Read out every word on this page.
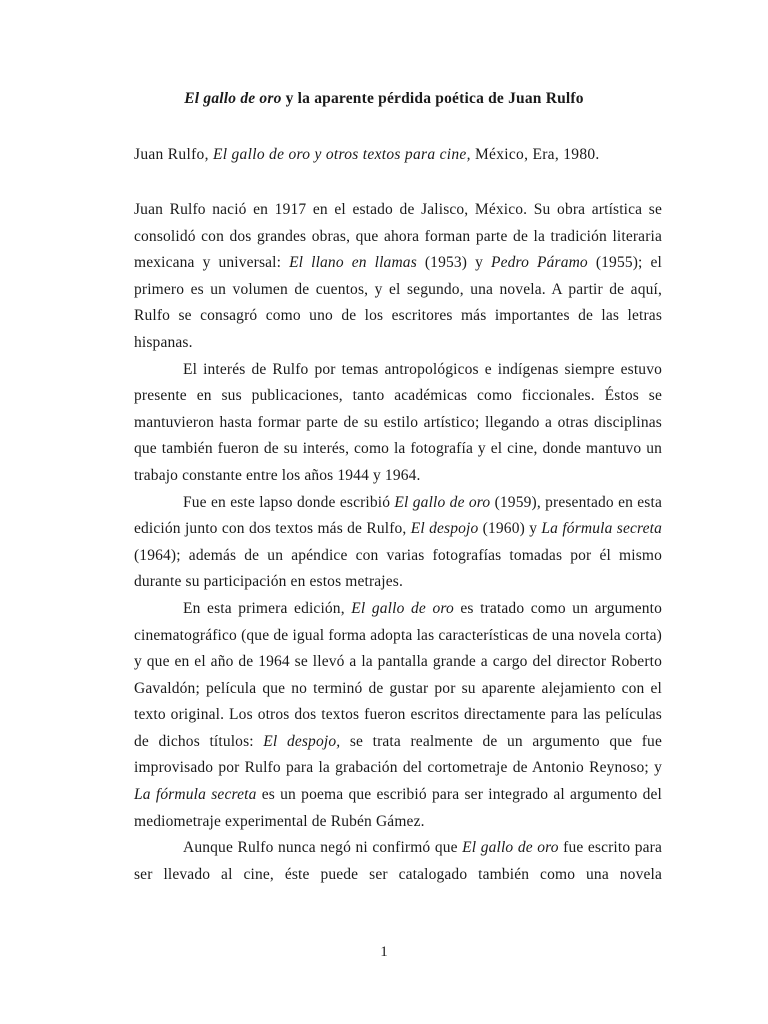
El gallo de oro y la aparente pérdida poética de Juan Rulfo
Juan Rulfo, El gallo de oro y otros textos para cine, México, Era, 1980.

Juan Rulfo nació en 1917 en el estado de Jalisco, México. Su obra artística se consolidó con dos grandes obras, que ahora forman parte de la tradición literaria mexicana y universal: El llano en llamas (1953) y Pedro Páramo (1955); el primero es un volumen de cuentos, y el segundo, una novela. A partir de aquí, Rulfo se consagró como uno de los escritores más importantes de las letras hispanas.

El interés de Rulfo por temas antropológicos e indígenas siempre estuvo presente en sus publicaciones, tanto académicas como ficcionales. Éstos se mantuvieron hasta formar parte de su estilo artístico; llegando a otras disciplinas que también fueron de su interés, como la fotografía y el cine, donde mantuvo un trabajo constante entre los años 1944 y 1964.

Fue en este lapso donde escribió El gallo de oro (1959), presentado en esta edición junto con dos textos más de Rulfo, El despojo (1960) y La fórmula secreta (1964); además de un apéndice con varias fotografías tomadas por él mismo durante su participación en estos metrajes.

En esta primera edición, El gallo de oro es tratado como un argumento cinematográfico (que de igual forma adopta las características de una novela corta) y que en el año de 1964 se llevó a la pantalla grande a cargo del director Roberto Gavaldón; película que no terminó de gustar por su aparente alejamiento con el texto original. Los otros dos textos fueron escritos directamente para las películas de dichos títulos: El despojo, se trata realmente de un argumento que fue improvisado por Rulfo para la grabación del cortometraje de Antonio Reynoso; y La fórmula secreta es un poema que escribió para ser integrado al argumento del mediometraje experimental de Rubén Gámez.

Aunque Rulfo nunca negó ni confirmó que El gallo de oro fue escrito para ser llevado al cine, éste puede ser catalogado también como una novela

1
